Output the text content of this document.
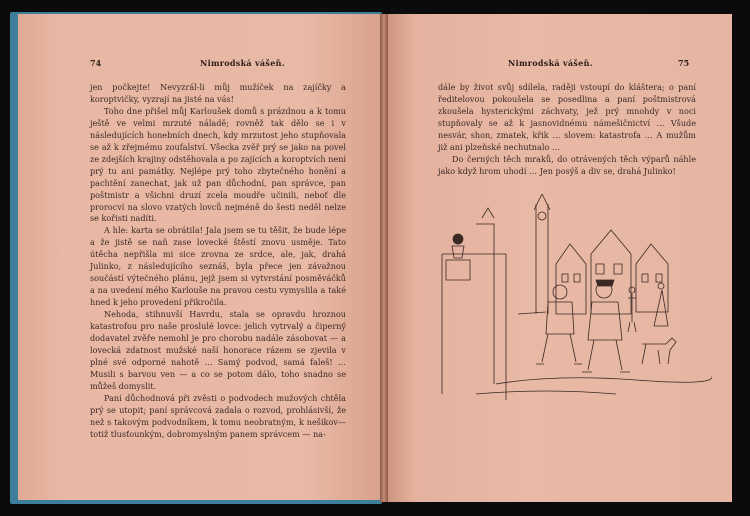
74	Nimrodská vášeň.	Nimrodská vášeň.	75

jen počkejte! Nevyzrál-li můj mužíček na zajíčky a koroptvičky, vyzrají na jisté na vás!

Toho dne přišel můj Karloušek domů s prázdnou a k tomu ještě ve velmi mrzuté náladě; rovněž tak dělo se i v následujících honebních dnech, kdy mrzutost jeho stupňovala se až k zřejmému zoufalství. Všecka zvěř prý se jako na povel ze zdejších krajiny odstěhovala a po zajících a koroptvích není prý tu ani památky. Nejlépe prý toho zbytečného honění a pachtění zanechat, jak už pan důchodní, pan správce, pan poštmistr a všichni druzí zcela moudře učinili, neboť dle prorocví na slovo vzatých lovců nejméně do šesti neděl nelze se kořisti nadíti.

A hle: karta se obrátila! Jala jsem se tu těšit, že bude lépe a že jistě se naň zase lovecké štěstí znovu usměje. Tato útěcha nepřišla mi sice zrovna ze srdce, ale, jak, drahá Julinko, z následujícího seznáš, byla přece jen závažnou součástí výtečného plánu, jejž jsem si vytvrstání posměváčků a na uvedení mého Karlouše na pravou cestu vymyslila a také hned k jeho provedení přikročila.

Nehoda, stihnuvší Havrdu, stala se opravdu hroznou katastrofou pro naše proslulé lovce: jelich vytrvalý a čiperný dodavatel zvěře nemohl je pro chorobu nadále zásobovat — a lovecká zdatnost mužské naší honorace rázem se zjevila v plné své odporné nahotě … Samý podvod, samá faleš! … Musili s barvou ven — a co se potom dálo, toho snadno se můžeš domyslit.

Paní důchodnová při zvěsti o podvodech mužových chtěla prý se utopit; paní správcová zadala o rozvod, prohlásivší, že než s takovým podvodníkem, k tomu neobratným, k nešikov— totiž tlusťounkým, dobromyslným panem správcem — na-

dále by život svůj sdílela, raději vstoupí do kláštera; o paní ředitelovou pokoušela se posedlina a paní poštmistrová zkoušela hysterickými záchvaty, jež prý mnohdy v noci stupňovaly se až k jasnovidnému námešičnictví … Všude nesvár, shon, zmatek, křik … slovem: katastrofa … A mužům již ani plzeňské nechutnalo …

Do černých těch mraků, do otrávených těch výparů náhle jako když hrom uhodí … Jen posýš a div se, drahá Julinko!
